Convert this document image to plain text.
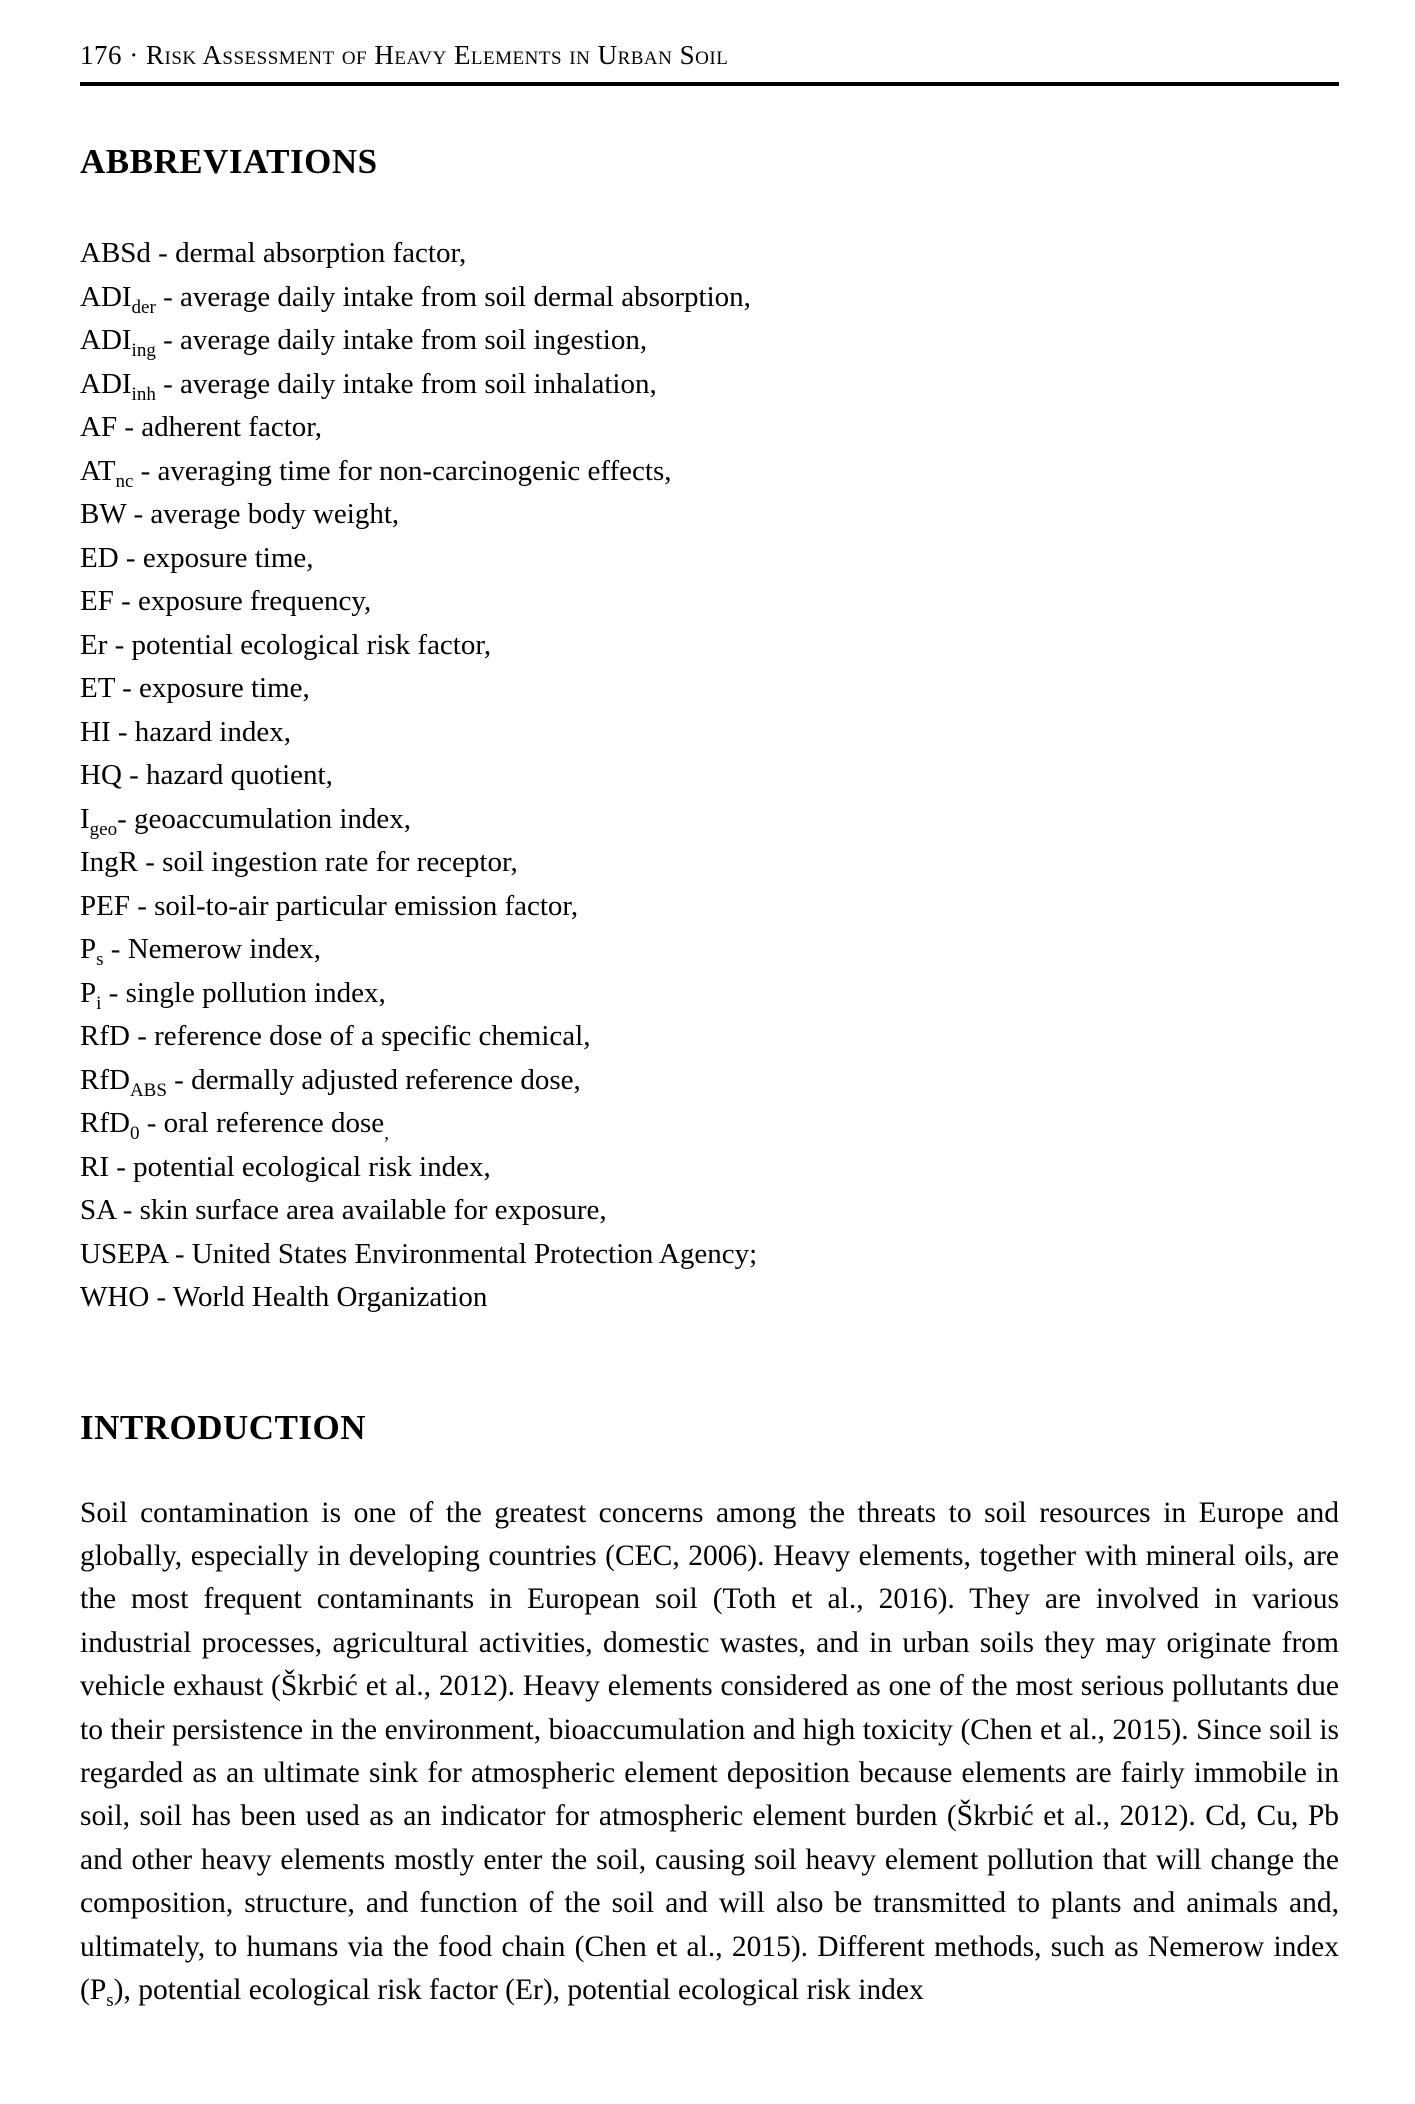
176 · Risk Assessment of Heavy Elements in Urban Soil
ABBREVIATIONS
ABSd - dermal absorption factor,
$ADI_{der}$ - average daily intake from soil dermal absorption,
$ADI_{ing}$ - average daily intake from soil ingestion,
$ADI_{inh}$ - average daily intake from soil inhalation,
AF - adherent factor,
$AT_{nc}$ - averaging time for non-carcinogenic effects,
BW - average body weight,
ED - exposure time,
EF - exposure frequency,
Er - potential ecological risk factor,
ET - exposure time,
HI - hazard index,
HQ - hazard quotient,
$I_{geo}-$ geoaccumulation index,
IngR - soil ingestion rate for receptor,
PEF - soil-to-air particular emission factor,
$P_s$ - Nemerow index,
$P_i$ - single pollution index,
RfD - reference dose of a specific chemical,
RfD$_{ABS}$ - dermally adjusted reference dose,
RfD$_0$ - oral reference dose$_,$
RI - potential ecological risk index,
SA - skin surface area available for exposure,
USEPA - United States Environmental Protection Agency;
WHO - World Health Organization
INTRODUCTION

Soil contamination is one of the greatest concerns among the threats to soil resources in Europe and globally, especially in developing countries (CEC, 2006). Heavy elements, together with mineral oils, are the most frequent contaminants in European soil (Toth et al., 2016). They are involved in various industrial processes, agricultural activities, domestic wastes, and in urban soils they may originate from vehicle exhaust (Škrbić et al., 2012). Heavy elements considered as one of the most serious pollutants due to their persistence in the environment, bioaccumulation and high toxicity (Chen et al., 2015). Since soil is regarded as an ultimate sink for atmospheric element deposition because elements are fairly immobile in soil, soil has been used as an indicator for atmospheric element burden (Škrbić et al., 2012). Cd, Cu, Pb and other heavy elements mostly enter the soil, causing soil heavy element pollution that will change the composition, structure, and function of the soil and will also be transmitted to plants and animals and, ultimately, to humans via the food chain (Chen et al., 2015). Different methods, such as Nemerow index $(P_s)$, potential ecological risk factor (Er), potential ecological risk index
